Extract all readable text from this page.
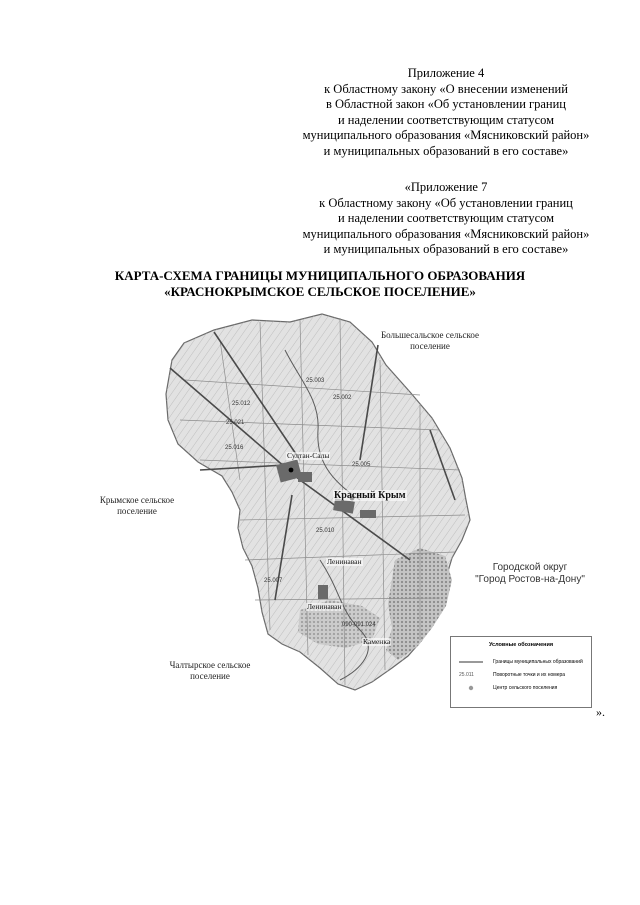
Приложение 4
к Областному закону «О внесении изменений
в Областной закон «Об установлении границ
и наделении соответствующим статусом
муниципального образования «Мясниковский район»
и муниципальных образований в его составе»
«Приложение 7
к Областному закону «Об установлении границ
и наделении соответствующим статусом
муниципального образования «Мясниковский район»
и муниципальных образований в его составе»
КАРТА-СХЕМА ГРАНИЦЫ МУНИЦИПАЛЬНОГО ОБРАЗОВАНИЯ
«КРАСНОКРЫМСКОЕ СЕЛЬСКОЕ ПОСЕЛЕНИЕ»
Султан-Салы
Красный Крым
Ленинаван
Ленинаван
Каменка
25.003
25.012
25.010
25.005
25.016
25.002
25.007
25.021
090-091.024
Большесальское сельское
поселение
Крымское сельское
поселение
Чалтырское сельское
поселение
Городской округ
"Город Ростов-на-Дону"
Условные обозначения
Границы муниципальных образований
25.011	Поворотные точки и их номера
Центр сельского поселения
».
